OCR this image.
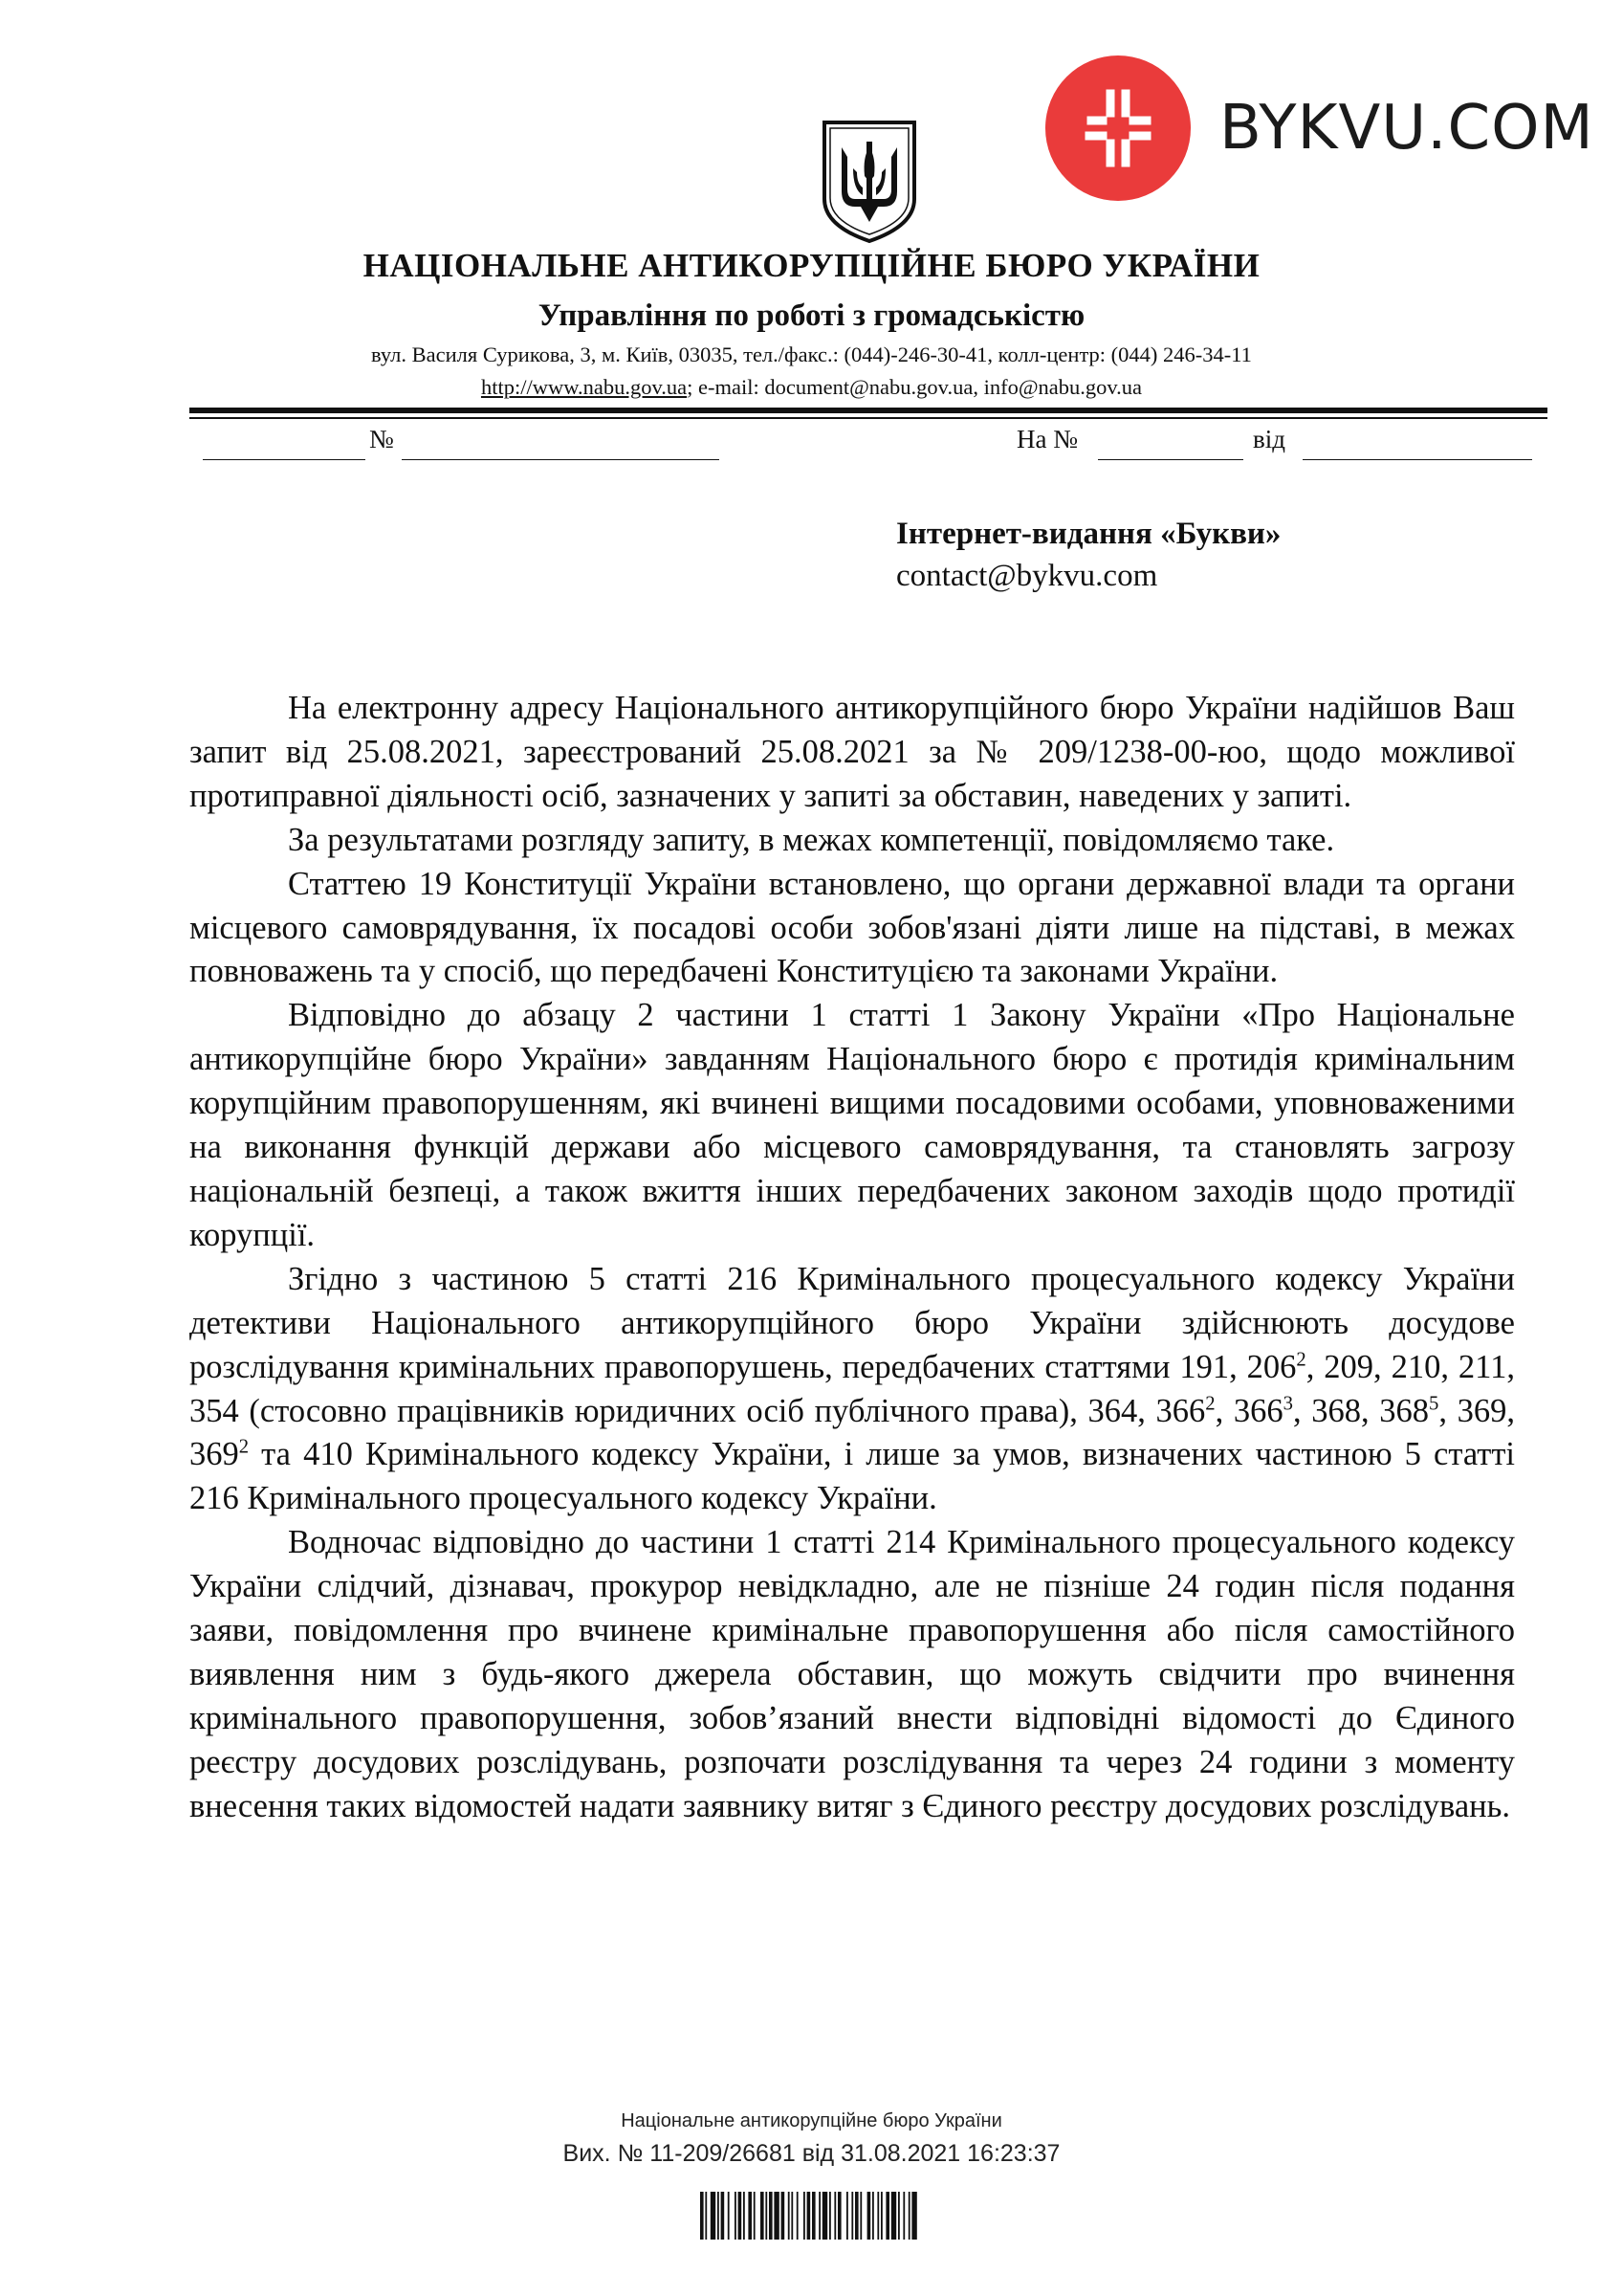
BYKVU.COM
НАЦІОНАЛЬНЕ АНТИКОРУПЦІЙНЕ БЮРО УКРАЇНИ
Управління по роботі з громадськістю
вул. Василя Сурикова, 3, м. Київ, 03035, тел./факс.: (044)-246-30-41, колл-центр: (044) 246-34-11
http://www.nabu.gov.ua; e-mail: document@nabu.gov.ua, info@nabu.gov.ua
№	На №	від
Інтернет-видання «Букви»
contact@bykvu.com

На електронну адресу Національного антикорупційного бюро України надійшов Ваш запит від 25.08.2021, зареєстрований 25.08.2021 за № 209/1238-00-юо, щодо можливої протиправної діяльності осіб, зазначених у запиті за обставин, наведених у запиті.

За результатами розгляду запиту, в межах компетенції, повідомляємо таке.

Статтею 19 Конституції України встановлено, що органи державної влади та органи місцевого самоврядування, їх посадові особи зобов'язані діяти лише на підставі, в межах повноважень та у спосіб, що передбачені Конституцією та законами України.

Відповідно до абзацу 2 частини 1 статті 1 Закону України «Про Національне антикорупційне бюро України» завданням Національного бюро є протидія кримінальним корупційним правопорушенням, які вчинені вищими посадовими особами, уповноваженими на виконання функцій держави або місцевого самоврядування, та становлять загрозу національній безпеці, а також вжиття інших передбачених законом заходів щодо протидії корупції.

Згідно з частиною 5 статті 216 Кримінального процесуального кодексу України детективи Національного антикорупційного бюро України здійснюють досудове розслідування кримінальних правопорушень, передбачених статтями 191, $206^2$, 209, 210, 211, 354 (стосовно працівників юридичних осіб публічного права), 364, $366^2$, $366^3$, 368, $368^5$, 369, $369^2$ та 410 Кримінального кодексу України, і лише за умов, визначених частиною 5 статті 216 Кримінального процесуального кодексу України.

Водночас відповідно до частини 1 статті 214 Кримінального процесуального кодексу України слідчий, дізнавач, прокурор невідкладно, але не пізніше 24 годин після подання заяви, повідомлення про вчинене кримінальне правопорушення або після самостійного виявлення ним з будь-якого джерела обставин, що можуть свідчити про вчинення кримінального правопорушення, зобов’язаний внести відповідні відомості до Єдиного реєстру досудових розслідувань, розпочати розслідування та через 24 години з моменту внесення таких відомостей надати заявнику витяг з Єдиного реєстру досудових розслідувань.

Національне антикорупційне бюро України
Вих. № 11-209/26681 від 31.08.2021 16:23:37
